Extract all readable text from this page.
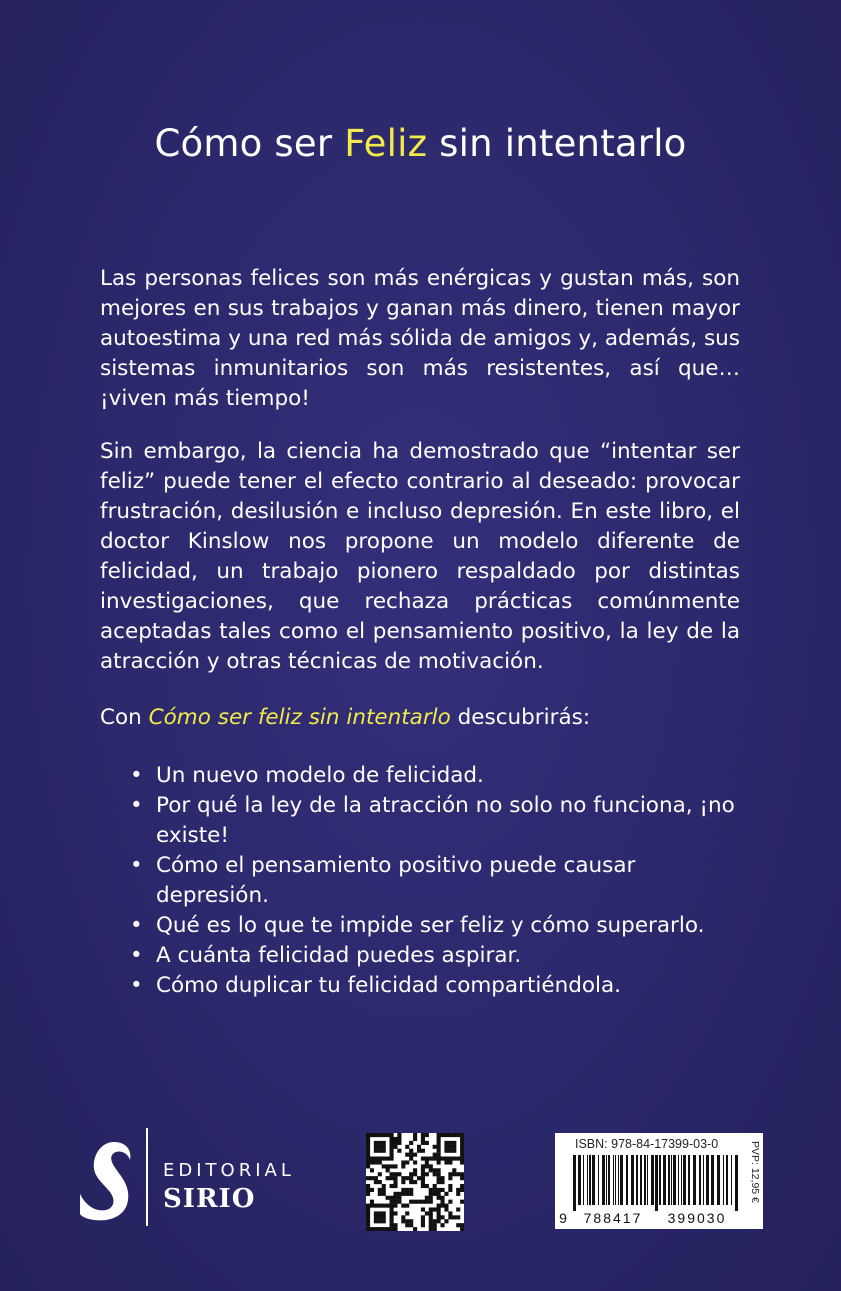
Cómo ser Feliz sin intentarlo
Las personas felices son más enérgicas y gustan más, son mejores en sus trabajos y ganan más dinero, tienen mayor autoestima y una red más sólida de amigos y, además, sus sistemas inmunitarios son más resistentes, así que… ¡viven más tiempo!
Sin embargo, la ciencia ha demostrado que “intentar ser feliz” puede tener el efecto contrario al deseado: provocar frustración, desilusión e incluso depresión. En este libro, el doctor Kinslow nos propone un modelo diferente de felicidad, un trabajo pionero respaldado por distintas investigaciones, que rechaza prácticas comúnmente aceptadas tales como el pensamiento positivo, la ley de la atracción y otras técnicas de motivación.
Con Cómo ser feliz sin intentarlo descubrirás:
• Un nuevo modelo de felicidad.
• Por qué la ley de la atracción no solo no funciona, ¡no existe!
• Cómo el pensamiento positivo puede causar depresión.
• Qué es lo que te impide ser feliz y cómo superarlo.
• A cuánta felicidad puedes aspirar.
• Cómo duplicar tu felicidad compartiéndola.
EDITORIAL
SIRIO
ISBN: 978-84-17399-03-0
9	788417	399030
PVP: 12,95 €
